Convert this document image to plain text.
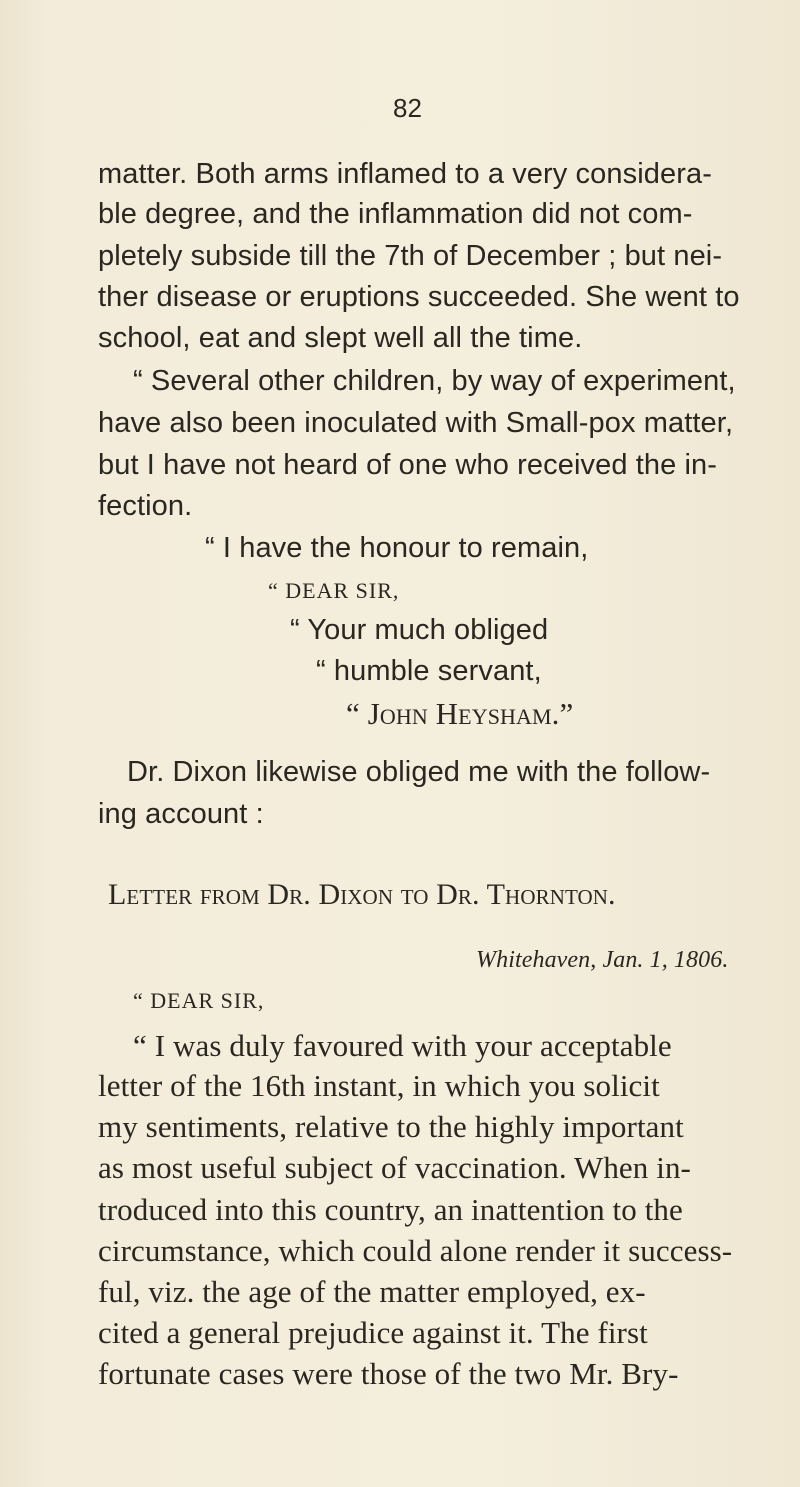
82
matter. Both arms inflamed to a very considera-
ble degree, and the inflammation did not com-
pletely subside till the 7th of December ; but nei-
ther disease or eruptions succeeded. She went to
school, eat and slept well all the time.
“ Several other children, by way of experiment,
have also been inoculated with Small-pox matter,
but I have not heard of one who received the in-
fection.
“ I have the honour to remain,
“ DEAR SIR,
“ Your much obliged
“ humble servant,
“ John Heysham.”
Dr. Dixon likewise obliged me with the follow-
ing account :
Letter from Dr. Dixon to Dr. Thornton.
Whitehaven, Jan. 1, 1806.
“ DEAR SIR,
“ I was duly favoured with your acceptable
letter of the 16th instant, in which you solicit
my sentiments, relative to the highly important
as most useful subject of vaccination. When in-
troduced into this country, an inattention to the
circumstance, which could alone render it success-
ful, viz. the age of the matter employed, ex-
cited a general prejudice against it. The first
fortunate cases were those of the two Mr. Bry-
